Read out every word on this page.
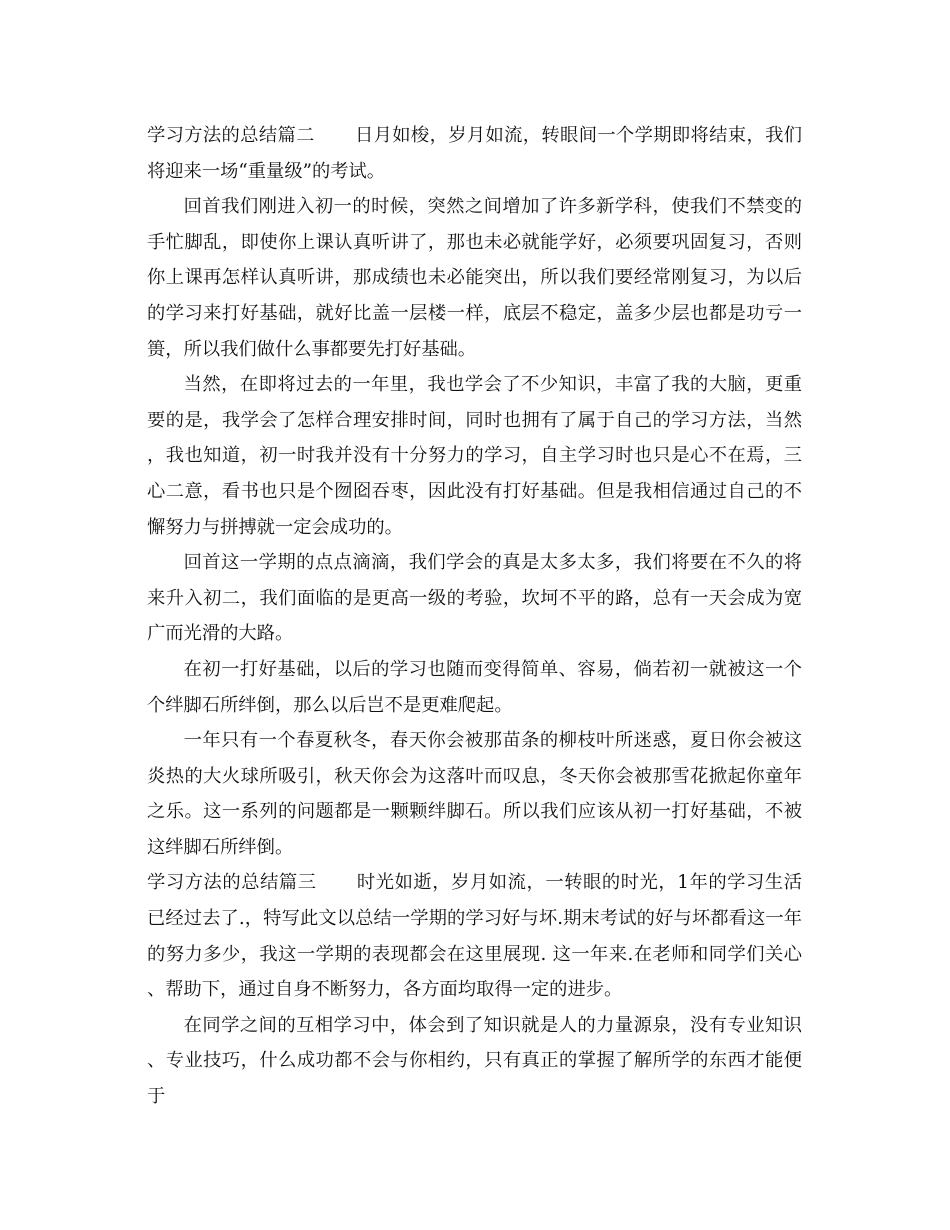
学习方法的总结篇二 日月如梭，岁月如流，转眼间一个学期即将结束，我们将迎来一场“重量级”的考试。

回首我们刚进入初一的时候，突然之间增加了许多新学科，使我们不禁变的手忙脚乱，即使你上课认真听讲了，那也未必就能学好，必须要巩固复习，否则你上课再怎样认真听讲，那成绩也未必能突出，所以我们要经常刚复习，为以后的学习来打好基础，就好比盖一层楼一样，底层不稳定，盖多少层也都是功亏一篑，所以我们做什么事都要先打好基础。

当然，在即将过去的一年里，我也学会了不少知识，丰富了我的大脑，更重要的是，我学会了怎样合理安排时间，同时也拥有了属于自己的学习方法，当然，我也知道，初一时我并没有十分努力的学习，自主学习时也只是心不在焉，三心二意，看书也只是个囫囵吞枣，因此没有打好基础。但是我相信通过自己的不懈努力与拼搏就一定会成功的。

回首这一学期的点点滴滴，我们学会的真是太多太多，我们将要在不久的将来升入初二，我们面临的是更高一级的考验，坎坷不平的路，总有一天会成为宽广而光滑的大路。

在初一打好基础，以后的学习也随而变得简单、容易，倘若初一就被这一个个绊脚石所绊倒，那么以后岂不是更难爬起。

一年只有一个春夏秋冬，春天你会被那苗条的柳枝叶所迷惑，夏日你会被这炎热的大火球所吸引，秋天你会为这落叶而叹息，冬天你会被那雪花掀起你童年之乐。这一系列的问题都是一颗颗绊脚石。所以我们应该从初一打好基础，不被这绊脚石所绊倒。

学习方法的总结篇三 时光如逝，岁月如流，一转眼的时光，1年的学习生活已经过去了.，特写此文以总结一学期的学习好与坏.期末考试的好与坏都看这一年的努力多少，我这一学期的表现都会在这里展现. 这一年来.在老师和同学们关心、帮助下，通过自身不断努力，各方面均取得一定的进步。

在同学之间的互相学习中，体会到了知识就是人的力量源泉，没有专业知识、专业技巧，什么成功都不会与你相约，只有真正的掌握了解所学的东西才能便于
